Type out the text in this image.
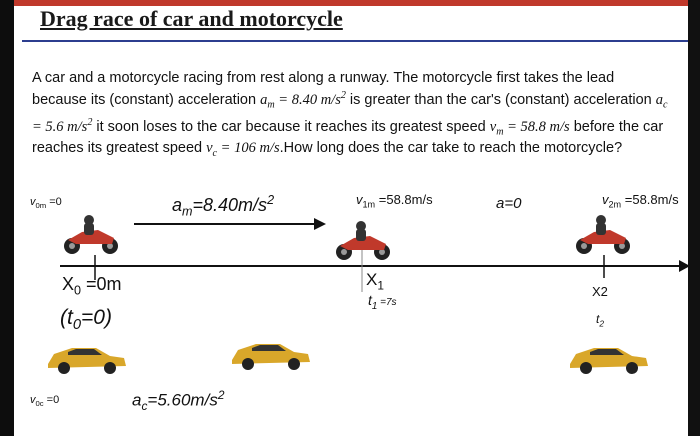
Drag race of car and motorcycle
A car and a motorcycle racing from rest along a runway. The motorcycle first takes the lead because its (constant) acceleration $a_m = 8.40$ $m/s^2$ is greater than the car's (constant) acceleration $a_c = 5.6$ $m/s^2$ it soon loses to the car because it reaches its greatest speed $v_m = 58.8$ m/s before the car reaches its greatest speed $v_c = 106$ m/s.How long does the car take to reach the motorcycle?
$v_{0m} =0$	$a_m=8.40m/s^2$	$v_{1m} =58.8m/s$	a=0	$v_{2m} =58.8m/s$
$X_0 =0m$
$(t_0=0)$
$X_1$
$t_1 =7s$
X2
$t_2$
$v_{0c} =0$	$a_c=5.60m/s^2$
